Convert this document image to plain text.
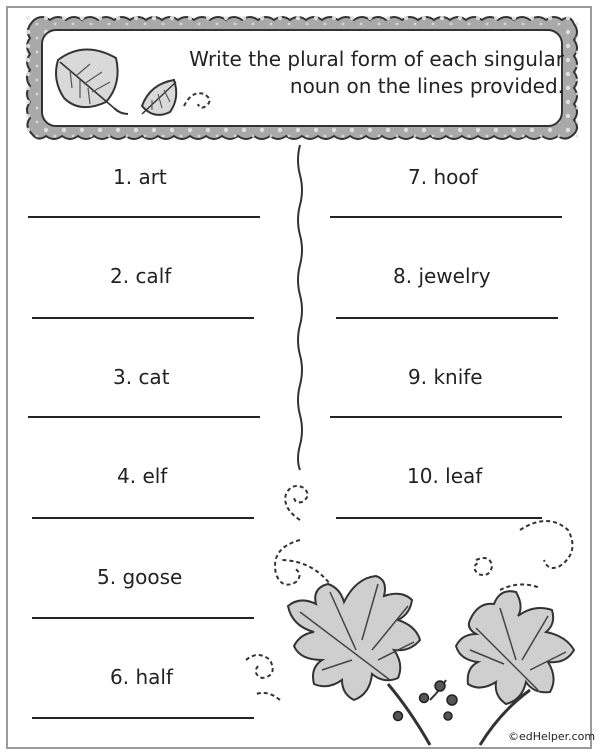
Write the plural form of each singular
noun on the lines provided.
1. art
2. calf
3. cat
4. elf
5. goose
6. half
7. hoof
8. jewelry
9. knife
10. leaf
©edHelper.com
